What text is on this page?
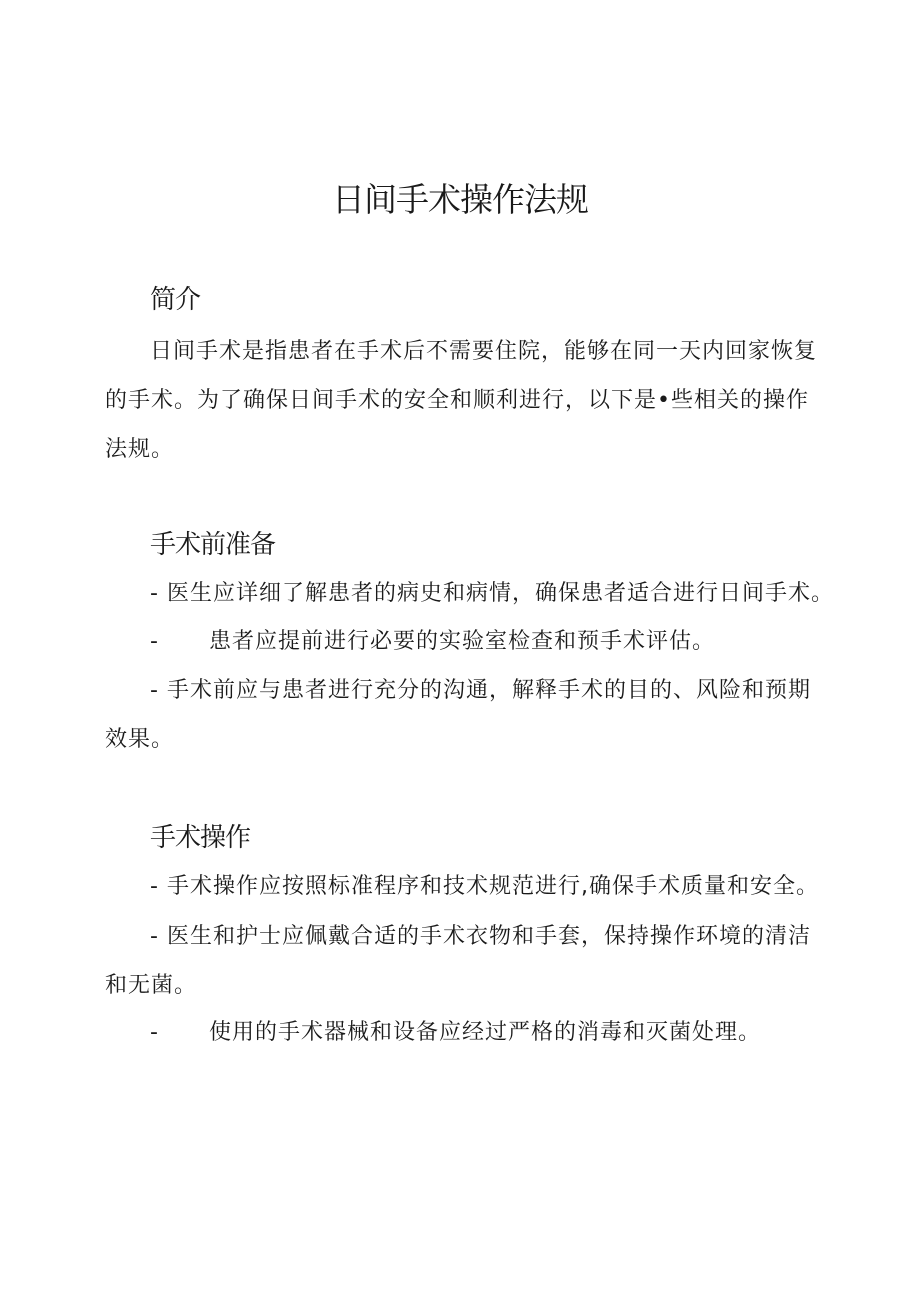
日间手术操作法规
简介

日间手术是指患者在手术后不需要住院，能够在同一天内回家恢复的手术。为了确保日间手术的安全和顺利进行，以下是•些相关的操作法规。

手术前准备

- 医生应详细了解患者的病史和病情，确保患者适合进行日间手术。

- 患者应提前进行必要的实验室检查和预手术评估。

- 手术前应与患者进行充分的沟通，解释手术的目的、风险和预期效果。

手术操作

- 手术操作应按照标准程序和技术规范进行,确保手术质量和安全。

- 医生和护士应佩戴合适的手术衣物和手套，保持操作环境的清洁和无菌。

- 使用的手术器械和设备应经过严格的消毒和灭菌处理。
